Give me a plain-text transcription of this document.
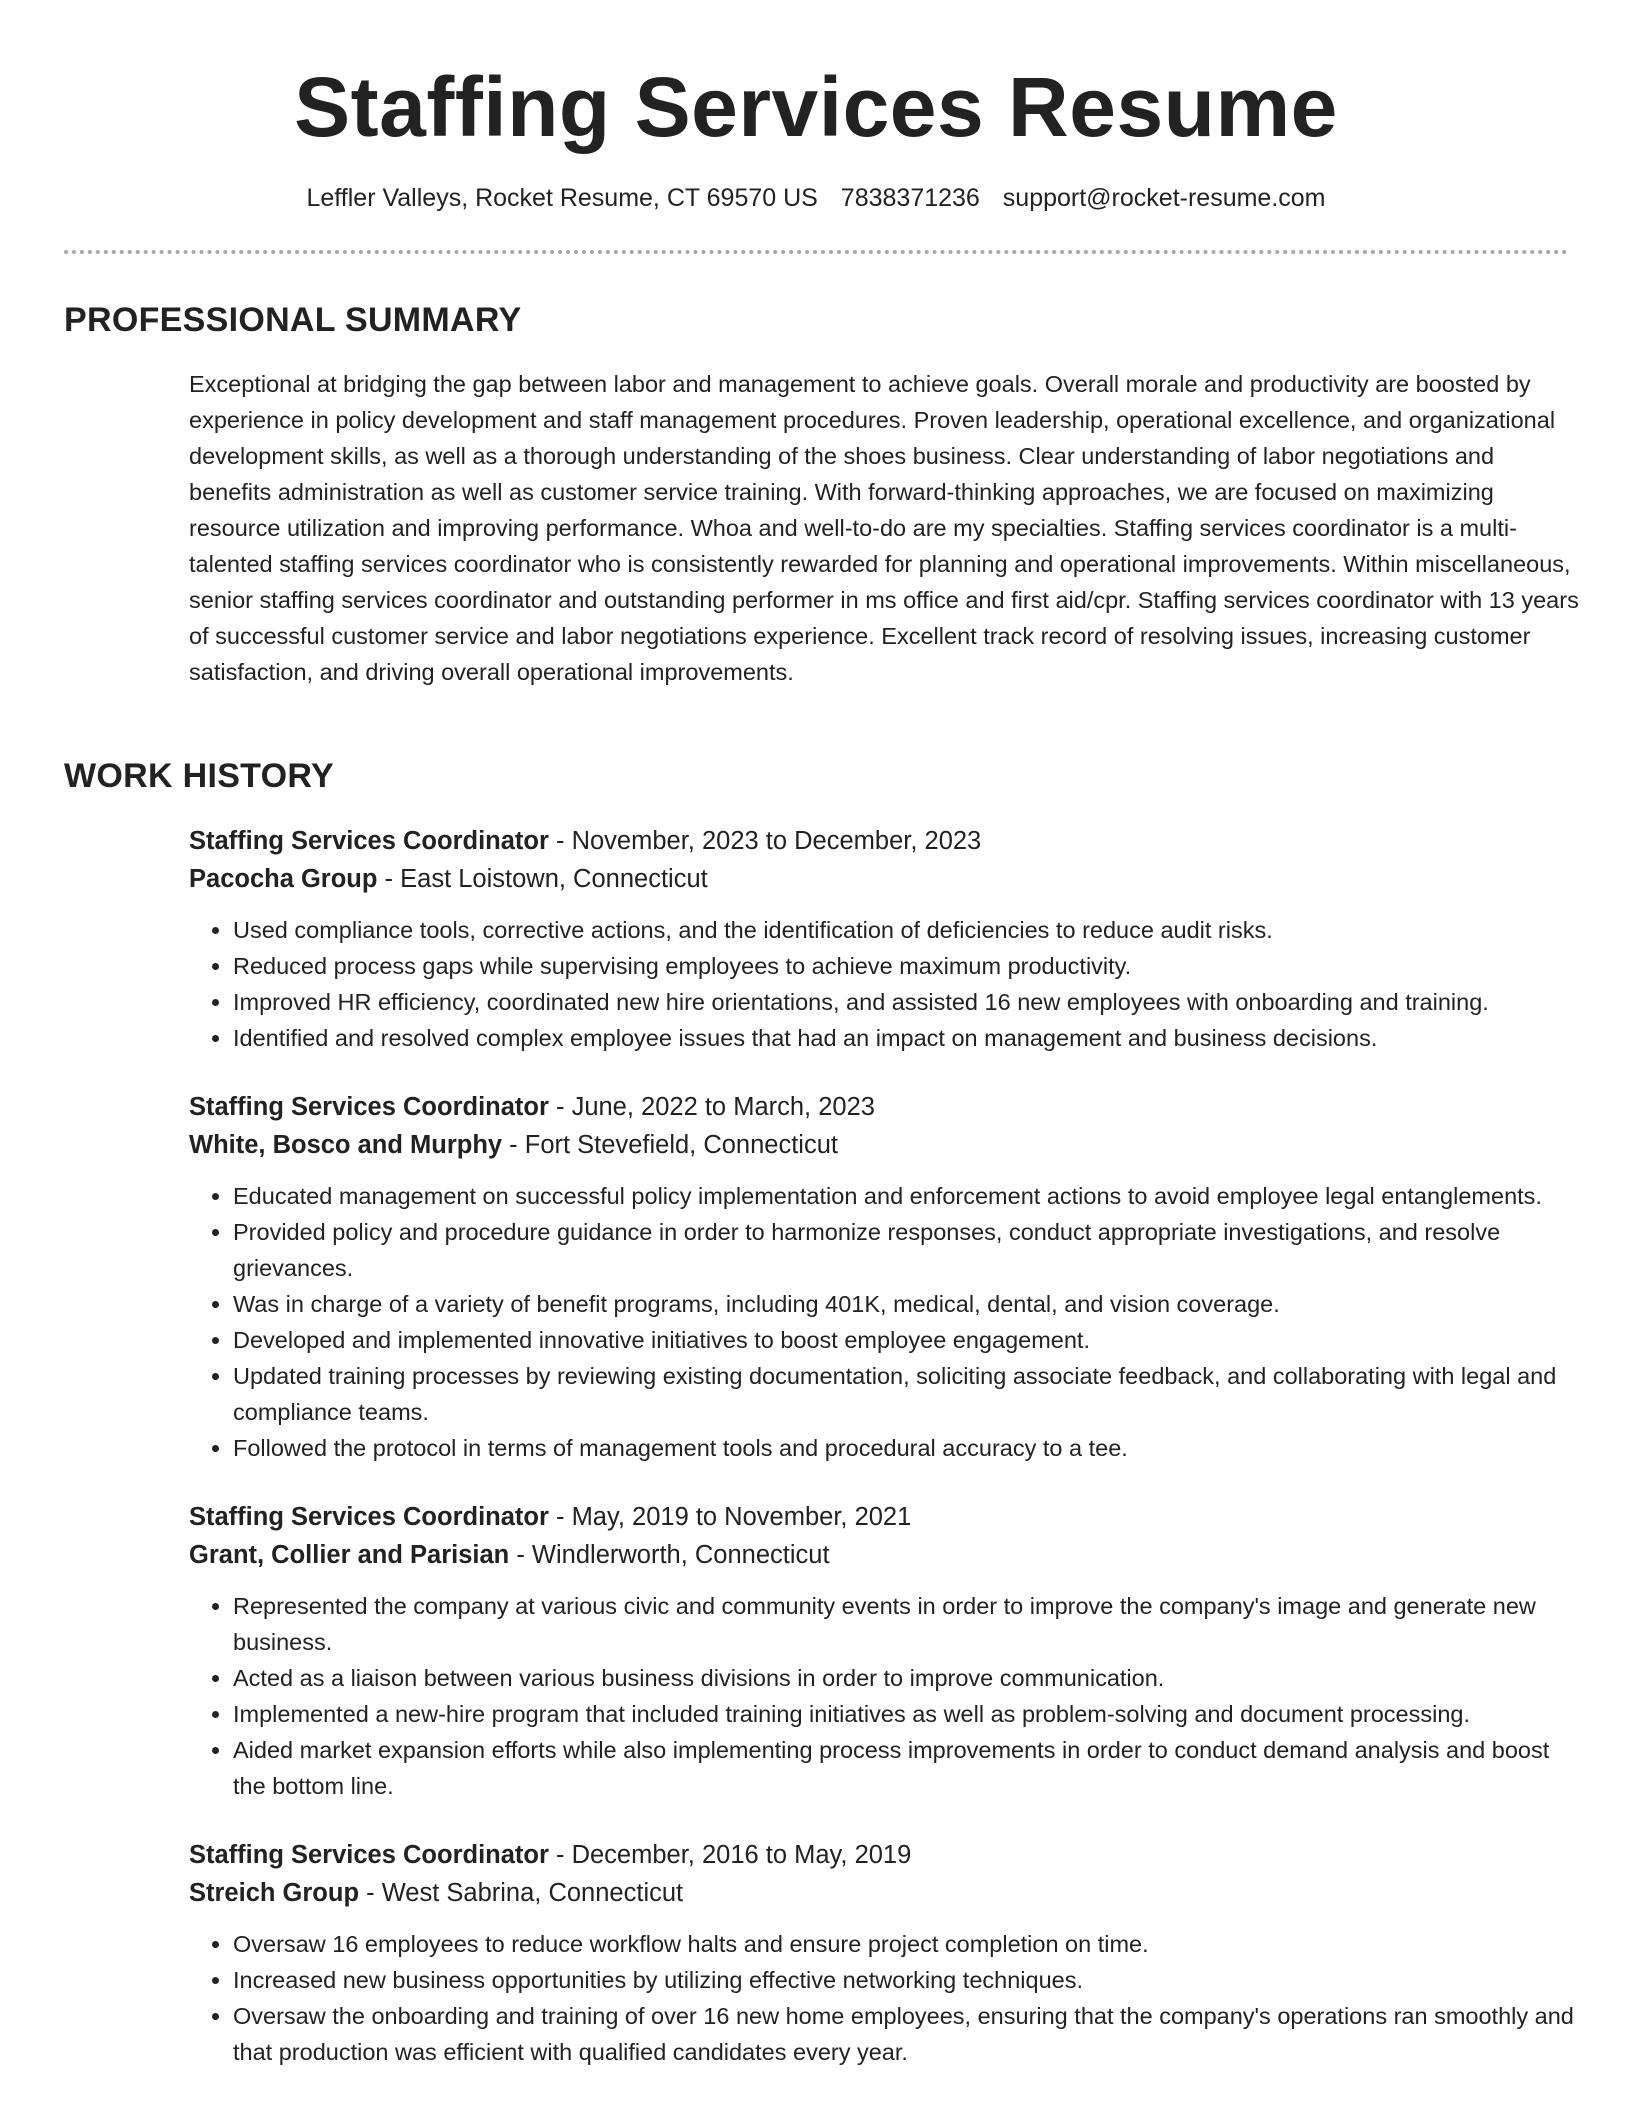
Staffing Services Resume
Leffler Valleys, Rocket Resume, CT 69570 US 7838371236 support@rocket-resume.com
PROFESSIONAL SUMMARY

Exceptional at bridging the gap between labor and management to achieve goals. Overall morale and productivity are boosted by experience in policy development and staff management procedures. Proven leadership, operational excellence, and organizational development skills, as well as a thorough understanding of the shoes business. Clear understanding of labor negotiations and benefits administration as well as customer service training. With forward-thinking approaches, we are focused on maximizing resource utilization and improving performance. Whoa and well-to-do are my specialties. Staffing services coordinator is a multi-talented staffing services coordinator who is consistently rewarded for planning and operational improvements. Within miscellaneous, senior staffing services coordinator and outstanding performer in ms office and first aid/cpr. Staffing services coordinator with 13 years of successful customer service and labor negotiations experience. Excellent track record of resolving issues, increasing customer satisfaction, and driving overall operational improvements.

WORK HISTORY
Staffing Services Coordinator - November, 2023 to December, 2023
Pacocha Group - East Loistown, Connecticut
• Used compliance tools, corrective actions, and the identification of deficiencies to reduce audit risks.
• Reduced process gaps while supervising employees to achieve maximum productivity.
• Improved HR efficiency, coordinated new hire orientations, and assisted 16 new employees with onboarding and training.
• Identified and resolved complex employee issues that had an impact on management and business decisions.
Staffing Services Coordinator - June, 2022 to March, 2023
White, Bosco and Murphy - Fort Stevefield, Connecticut
• Educated management on successful policy implementation and enforcement actions to avoid employee legal entanglements.
• Provided policy and procedure guidance in order to harmonize responses, conduct appropriate investigations, and resolve grievances.
• Was in charge of a variety of benefit programs, including 401K, medical, dental, and vision coverage.
• Developed and implemented innovative initiatives to boost employee engagement.
• Updated training processes by reviewing existing documentation, soliciting associate feedback, and collaborating with legal and compliance teams.
• Followed the protocol in terms of management tools and procedural accuracy to a tee.
Staffing Services Coordinator - May, 2019 to November, 2021
Grant, Collier and Parisian - Windlerworth, Connecticut
• Represented the company at various civic and community events in order to improve the company's image and generate new business.
• Acted as a liaison between various business divisions in order to improve communication.
• Implemented a new-hire program that included training initiatives as well as problem-solving and document processing.
• Aided market expansion efforts while also implementing process improvements in order to conduct demand analysis and boost the bottom line.
Staffing Services Coordinator - December, 2016 to May, 2019
Streich Group - West Sabrina, Connecticut
• Oversaw 16 employees to reduce workflow halts and ensure project completion on time.
• Increased new business opportunities by utilizing effective networking techniques.
• Oversaw the onboarding and training of over 16 new home employees, ensuring that the company's operations ran smoothly and that production was efficient with qualified candidates every year.
